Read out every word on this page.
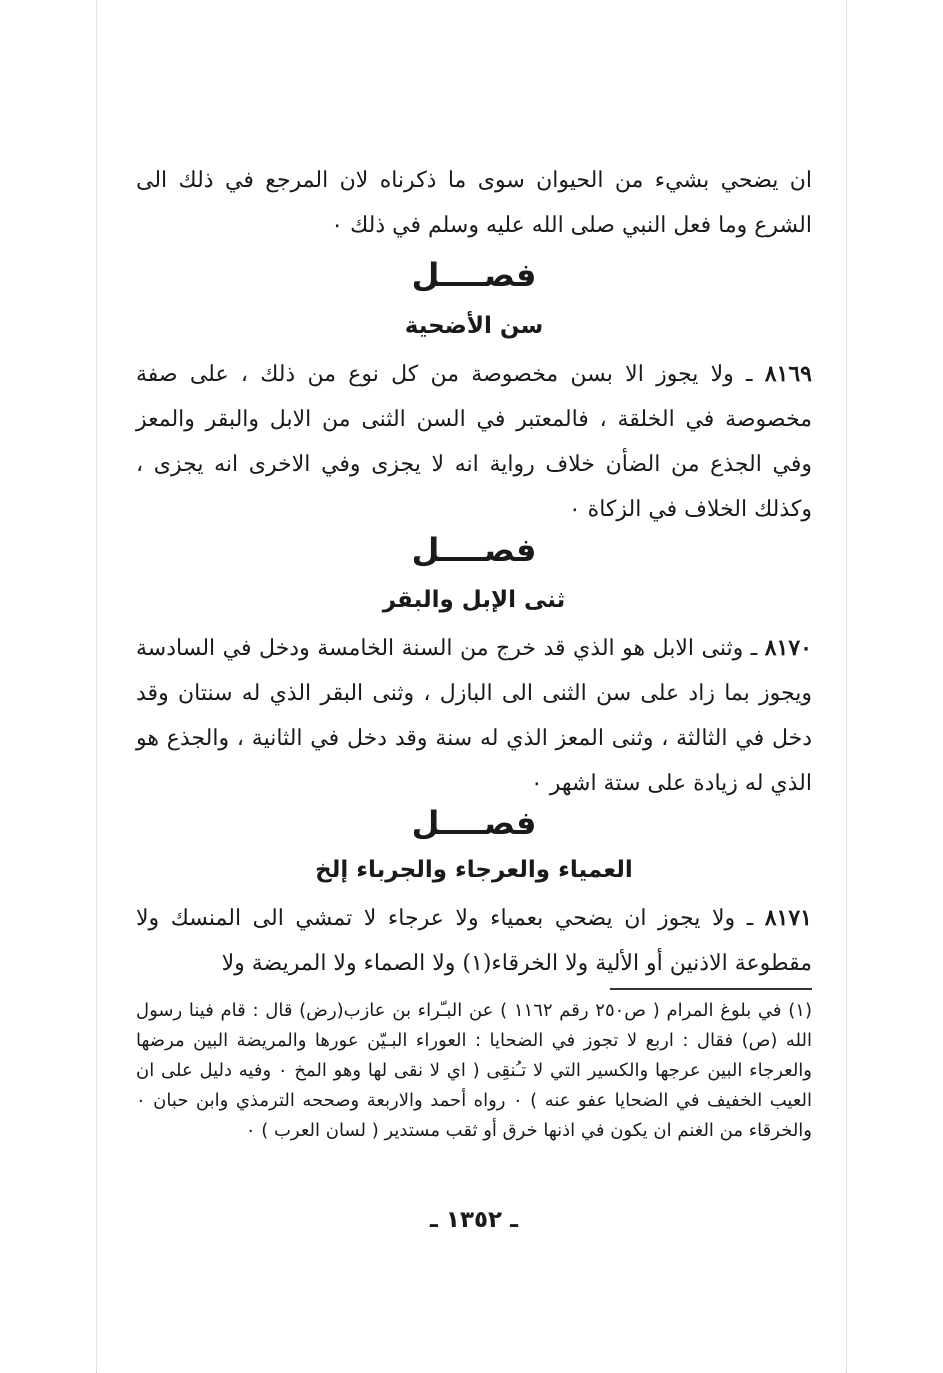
ان يضحي بشيء من الحيوان سوى ما ذكرناه لان المرجع في ذلك الى الشرع وما فعل النبي صلى الله عليه وسلم في ذلك ٠

فصــــل
سن الأضحية

٨١٦٩ ـ ولا يجوز الا بسن مخصوصة من كل نوع من ذلك ، على صفة مخصوصة في الخلقة ، فالمعتبر في السن الثنى من الابل والبقر والمعز وفي الجذع من الضأن خلاف رواية انه لا يجزى وفي الاخرى انه يجزى ، وكذلك الخلاف في الزكاة ٠

فصــــل
ثنى الإبل والبقر

٨١٧٠ ـ وثنى الابل هو الذي قد خرج من السنة الخامسة ودخل في السادسة ويجوز بما زاد على سن الثنى الى البازل ، وثنى البقر الذي له سنتان وقد دخل في الثالثة ، وثنى المعز الذي له سنة وقد دخل في الثانية ، والجذع هو الذي له زيادة على ستة اشهر ٠

فصــــل
العمياء والعرجاء والجرباء إلخ

٨١٧١ ـ ولا يجوز ان يضحي بعمياء ولا عرجاء لا تمشي الى المنسك ولا مقطوعة الاذنين أو الألية ولا الخرقاء(١) ولا الصماء ولا المريضة ولا

(١) في بلوغ المرام ( ص٢٥٠ رقم ١١٦٢ ) عن البـّراء بن عازب(رض) قال : قام فينا رسول الله (ص) فقال : اربع لا تجوز في الضحايا : العوراء البـيّن عورها والمريضة البين مرضها والعرجاء البين عرجها والكسير التي لا تـُنقِى ( اي لا نقى لها وهو المخ ٠ وفيه دليل على ان العيب الخفيف في الضحايا عفو عنه ) ٠ رواه أحمد والاربعة وصححه الترمذي وابن حبان ٠ والخرقاء من الغنم ان يكون في اذنها خرق أو ثقب مستدير ( لسان العرب ) ٠

ـ ١٣٥٢ ـ
